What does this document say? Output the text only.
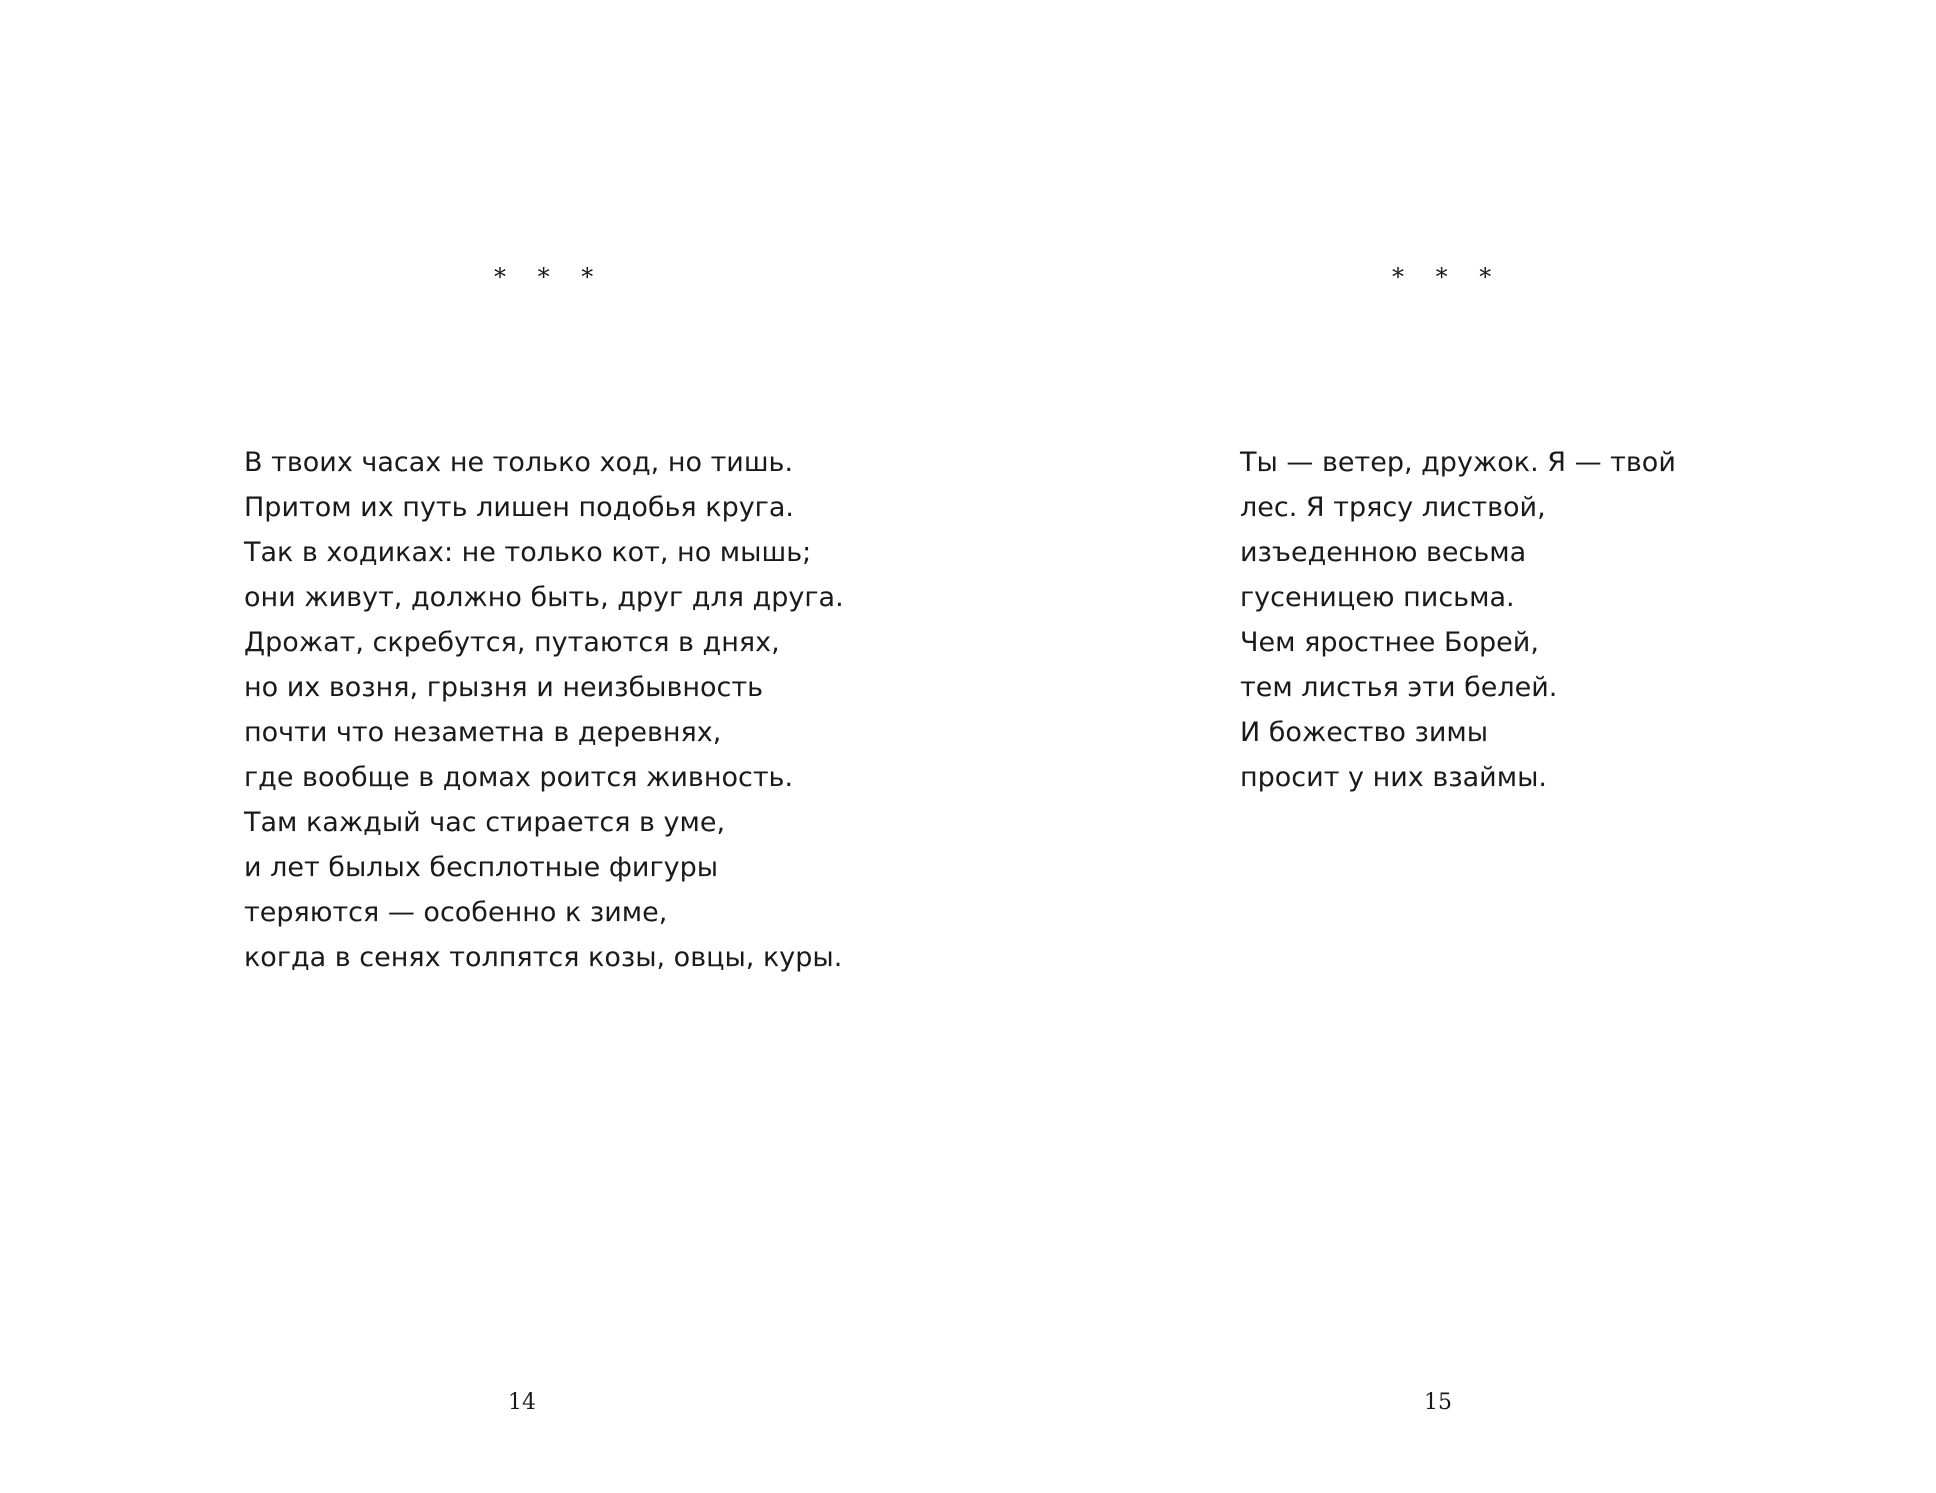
* * *
В твоих часах не только ход, но тишь.
Притом их путь лишен подобья круга.
Так в ходиках: не только кот, но мышь;
они живут, должно быть, друг для друга.
Дрожат, скребутся, путаются в днях,
но их возня, грызня и неизбывность
почти что незаметна в деревнях,
где вообще в домах роится живность.
Там каждый час стирается в уме,
и лет былых бесплотные фигуры
теряются — особенно к зиме,
когда в сенях толпятся козы, овцы, куры.
14
* * *
Ты — ветер, дружок. Я — твой
лес. Я трясу листвой,
изъеденною весьма
гусеницею письма.
Чем яростнее Борей,
тем листья эти белей.
И божество зимы
просит у них взаймы.
15
